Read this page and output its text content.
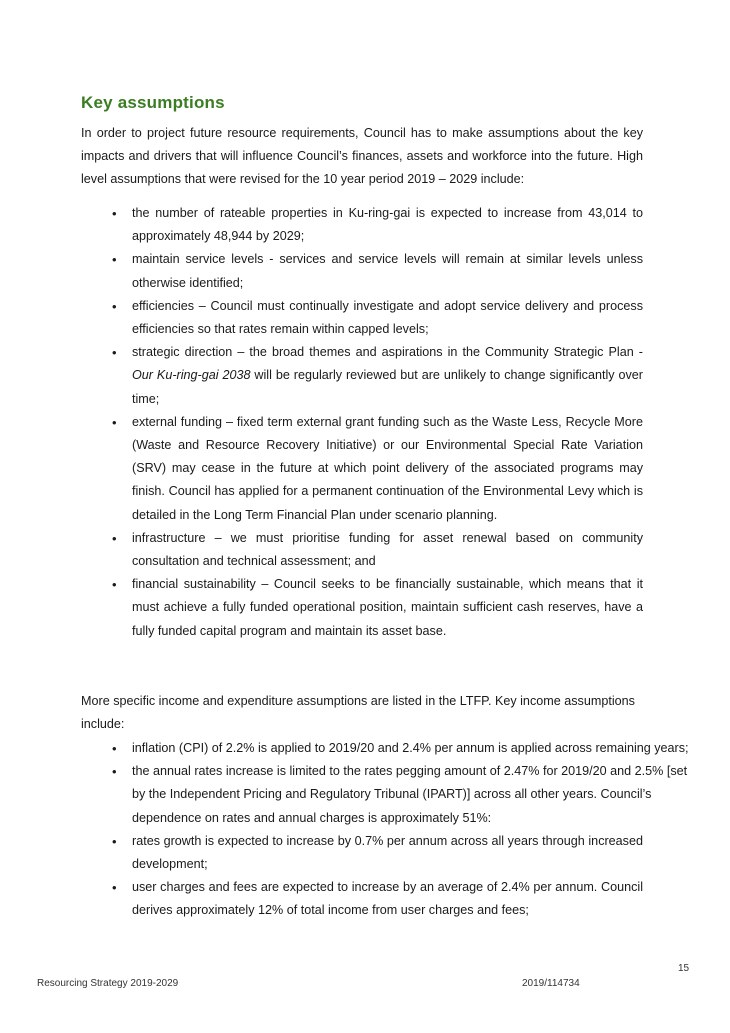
Key assumptions

In order to project future resource requirements, Council has to make assumptions about the key impacts and drivers that will influence Council’s finances, assets and workforce into the future. High level assumptions that were revised for the 10 year period 2019 – 2029 include:

• the number of rateable properties in Ku-ring-gai is expected to increase from 43,014 to approximately 48,944 by 2029;
• maintain service levels - services and service levels will remain at similar levels unless otherwise identified;
• efficiencies – Council must continually investigate and adopt service delivery and process efficiencies so that rates remain within capped levels;
• strategic direction – the broad themes and aspirations in the Community Strategic Plan - Our Ku-ring-gai 2038 will be regularly reviewed but are unlikely to change significantly over time;
• external funding – fixed term external grant funding such as the Waste Less, Recycle More (Waste and Resource Recovery Initiative) or our Environmental Special Rate Variation (SRV) may cease in the future at which point delivery of the associated programs may finish. Council has applied for a permanent continuation of the Environmental Levy which is detailed in the Long Term Financial Plan under scenario planning.
• infrastructure – we must prioritise funding for asset renewal based on community consultation and technical assessment; and
• financial sustainability – Council seeks to be financially sustainable, which means that it must achieve a fully funded operational position, maintain sufficient cash reserves, have a fully funded capital program and maintain its asset base.

More specific income and expenditure assumptions are listed in the LTFP. Key income assumptions include:

• inflation (CPI) of 2.2% is applied to 2019/20 and 2.4% per annum is applied across remaining years;
• the annual rates increase is limited to the rates pegging amount of 2.47% for 2019/20 and 2.5% [set by the Independent Pricing and Regulatory Tribunal (IPART)] across all other years. Council’s dependence on rates and annual charges is approximately 51%:
• rates growth is expected to increase by 0.7% per annum across all years through increased development;
• user charges and fees are expected to increase by an average of 2.4% per annum. Council derives approximately 12% of total income from user charges and fees;
15
Resourcing Strategy 2019-2029	2019/114734
